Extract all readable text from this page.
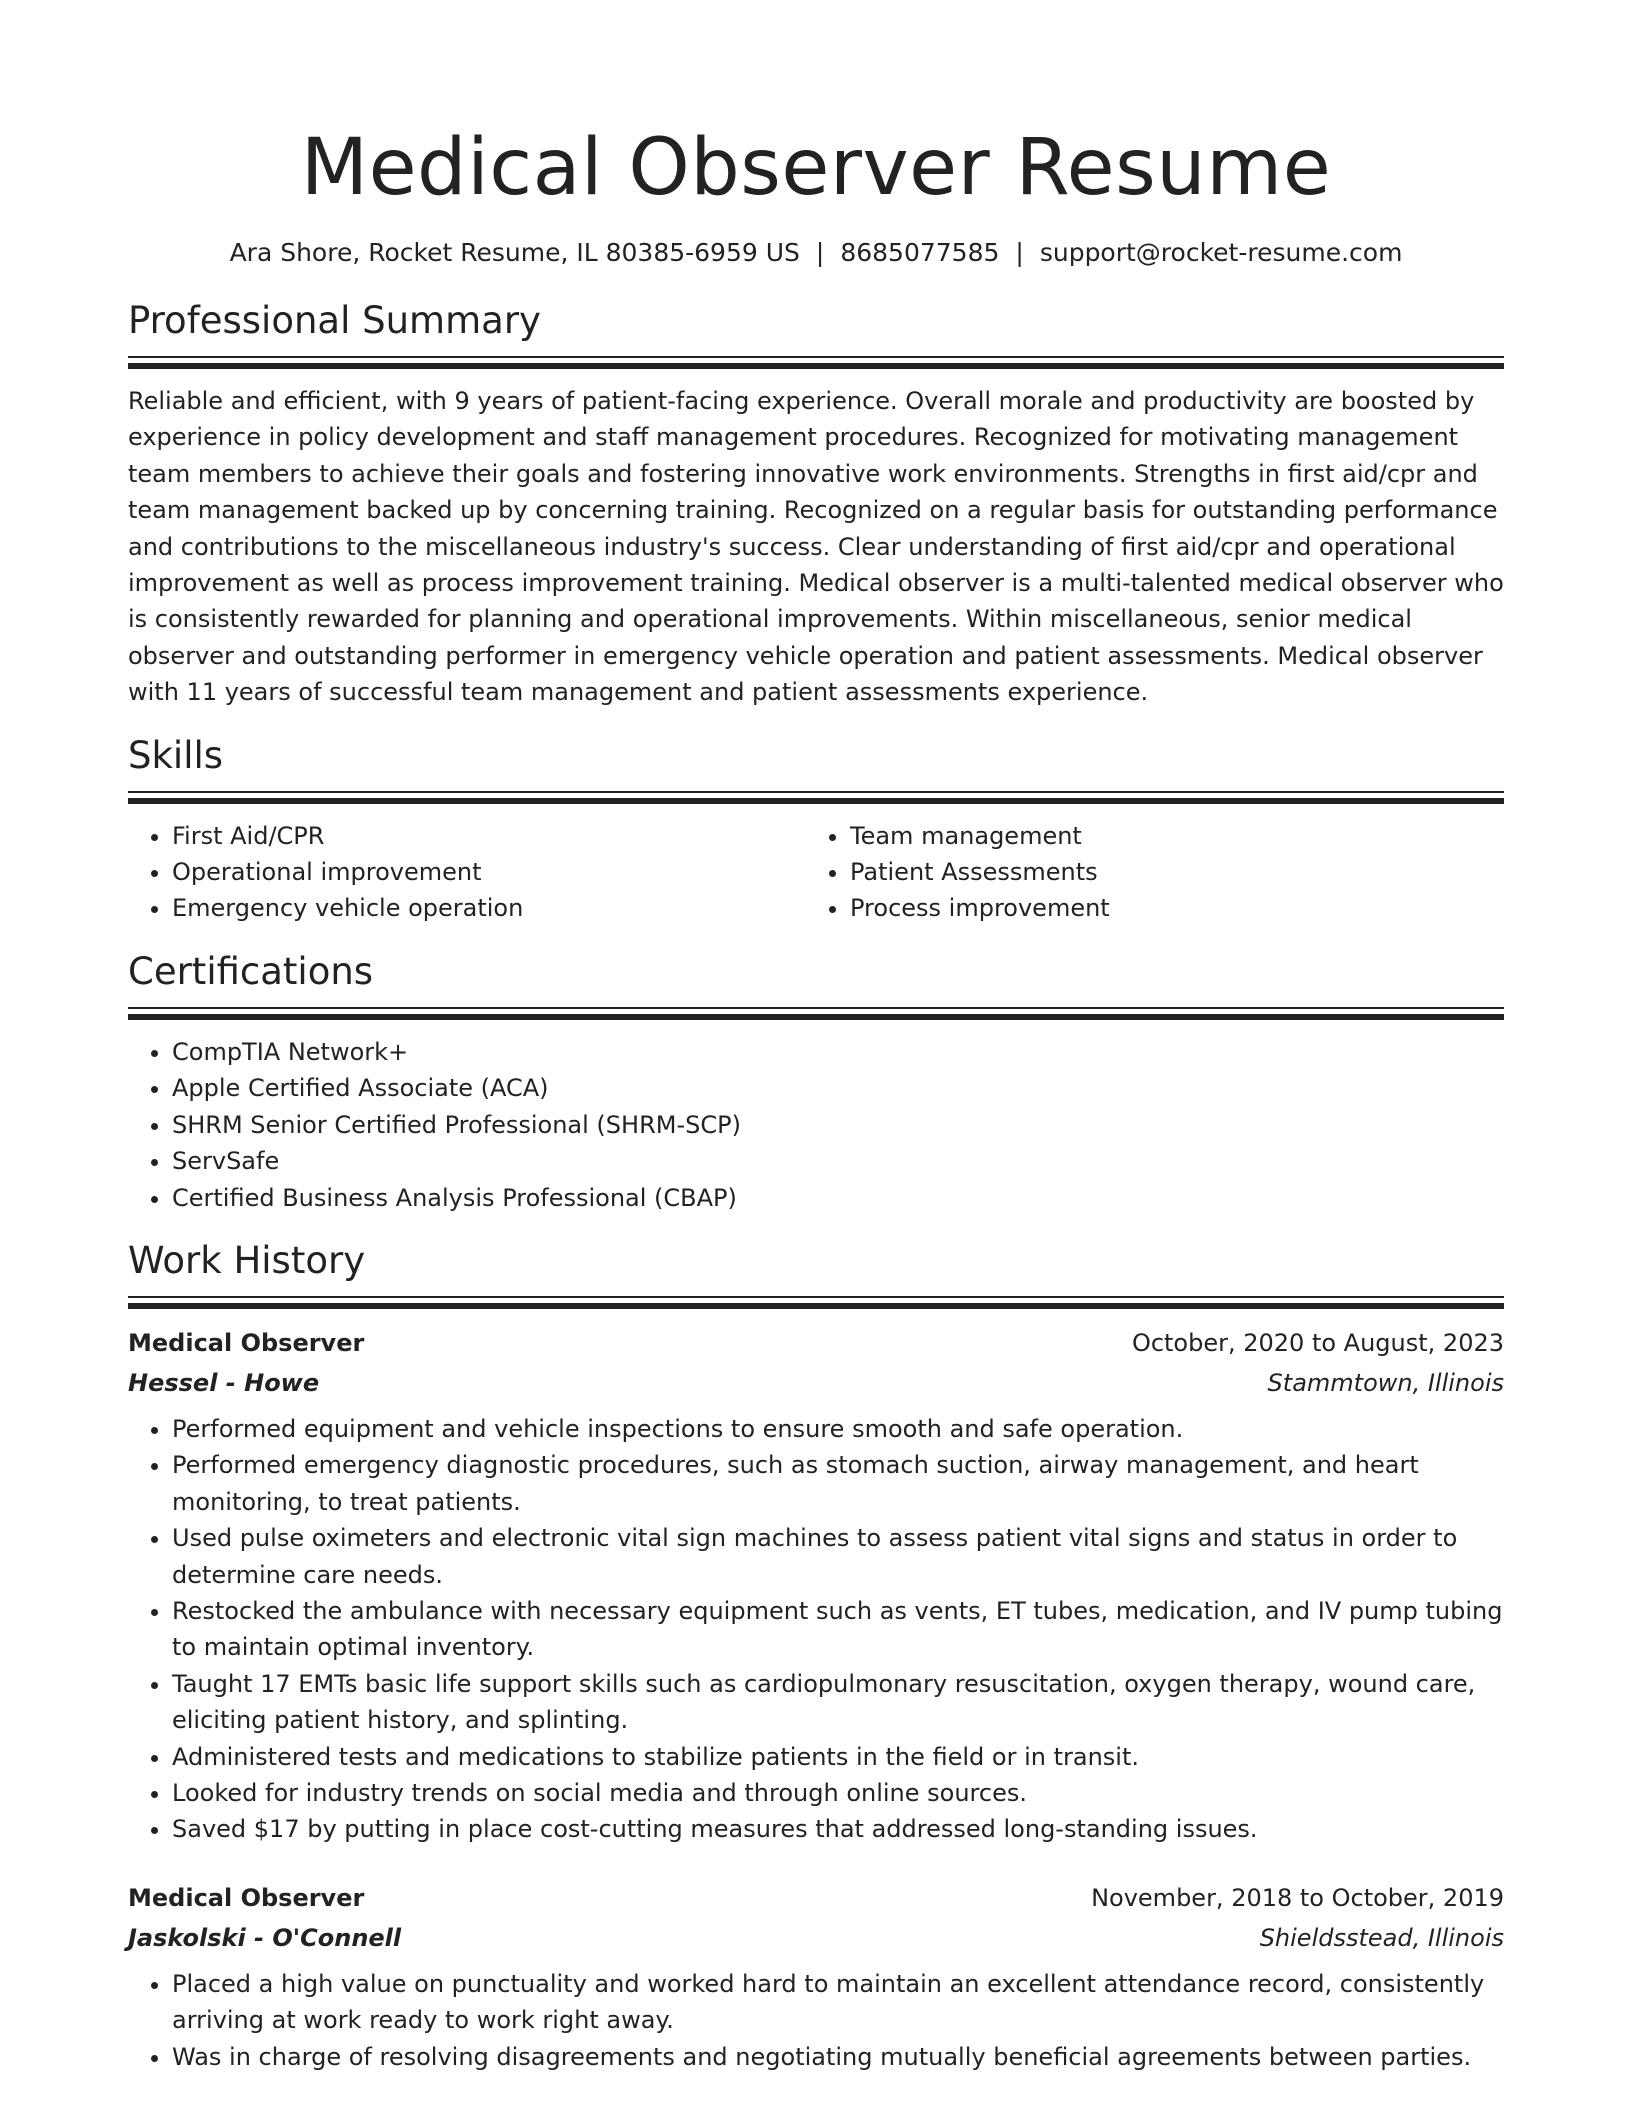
Medical Observer Resume
Ara Shore, Rocket Resume, IL 80385-6959 US | 8685077585 | support@rocket-resume.com
Professional Summary

Reliable and efficient, with 9 years of patient-facing experience. Overall morale and productivity are boosted by experience in policy development and staff management procedures. Recognized for motivating management team members to achieve their goals and fostering innovative work environments. Strengths in first aid/cpr and team management backed up by concerning training. Recognized on a regular basis for outstanding performance and contributions to the miscellaneous industry's success. Clear understanding of first aid/cpr and operational improvement as well as process improvement training. Medical observer is a multi-talented medical observer who is consistently rewarded for planning and operational improvements. Within miscellaneous, senior medical observer and outstanding performer in emergency vehicle operation and patient assessments. Medical observer with 11 years of successful team management and patient assessments experience.

Skills
• First Aid/CPR
• Operational improvement
• Emergency vehicle operation
• Team management
• Patient Assessments
• Process improvement
Certifications
• CompTIA Network+
• Apple Certified Associate (ACA)
• SHRM Senior Certified Professional (SHRM-SCP)
• ServSafe
• Certified Business Analysis Professional (CBAP)
Work History
Medical Observer	October, 2020 to August, 2023
Hessel - Howe	Stammtown, Illinois
• Performed equipment and vehicle inspections to ensure smooth and safe operation.
• Performed emergency diagnostic procedures, such as stomach suction, airway management, and heart monitoring, to treat patients.
• Used pulse oximeters and electronic vital sign machines to assess patient vital signs and status in order to determine care needs.
• Restocked the ambulance with necessary equipment such as vents, ET tubes, medication, and IV pump tubing to maintain optimal inventory.
• Taught 17 EMTs basic life support skills such as cardiopulmonary resuscitation, oxygen therapy, wound care, eliciting patient history, and splinting.
• Administered tests and medications to stabilize patients in the field or in transit.
• Looked for industry trends on social media and through online sources.
• Saved $17 by putting in place cost-cutting measures that addressed long-standing issues.
Medical Observer	November, 2018 to October, 2019
Jaskolski - O'Connell	Shieldsstead, Illinois
• Placed a high value on punctuality and worked hard to maintain an excellent attendance record, consistently arriving at work ready to work right away.
• Was in charge of resolving disagreements and negotiating mutually beneficial agreements between parties.
